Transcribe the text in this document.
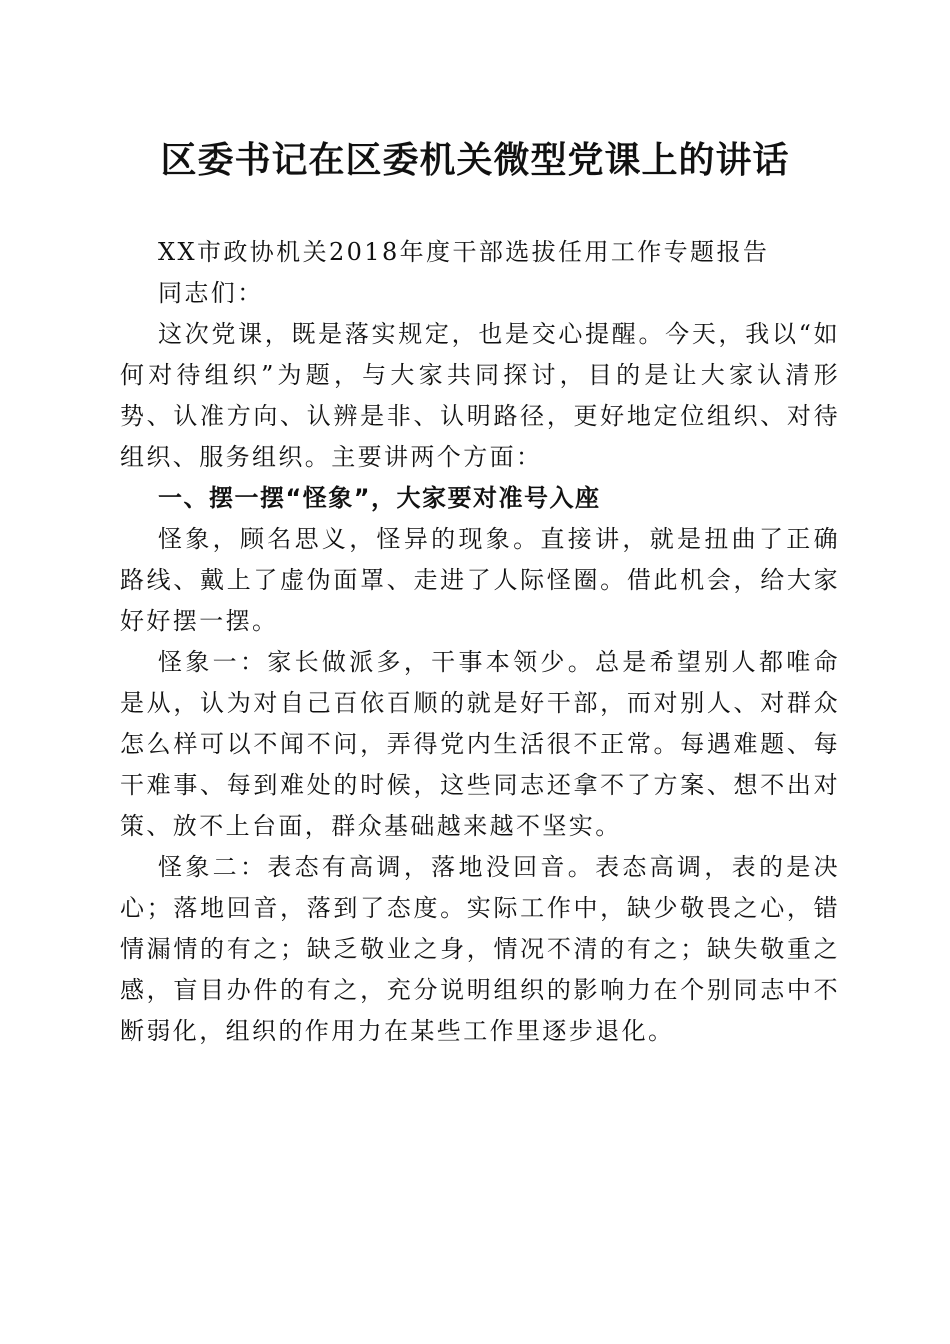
区委书记在区委机关微型党课上的讲话

XX市政协机关2018年度干部选拔任用工作专题报告

同志们：

这次党课，既是落实规定，也是交心提醒。今天，我以“如何对待组织”为题，与大家共同探讨，目的是让大家认清形势、认准方向、认辨是非、认明路径，更好地定位组织、对待组织、服务组织。主要讲两个方面：

一、摆一摆“怪象”，大家要对准号入座

怪象，顾名思义，怪异的现象。直接讲，就是扭曲了正确路线、戴上了虚伪面罩、走进了人际怪圈。借此机会，给大家好好摆一摆。

怪象一：家长做派多，干事本领少。总是希望别人都唯命是从，认为对自己百依百顺的就是好干部，而对别人、对群众怎么样可以不闻不问，弄得党内生活很不正常。每遇难题、每干难事、每到难处的时候，这些同志还拿不了方案、想不出对策、放不上台面，群众基础越来越不坚实。

怪象二：表态有高调，落地没回音。表态高调，表的是决心；落地回音，落到了态度。实际工作中，缺少敬畏之心，错情漏情的有之；缺乏敬业之身，情况不清的有之；缺失敬重之感，盲目办件的有之，充分说明组织的影响力在个别同志中不断弱化，组织的作用力在某些工作里逐步退化。
